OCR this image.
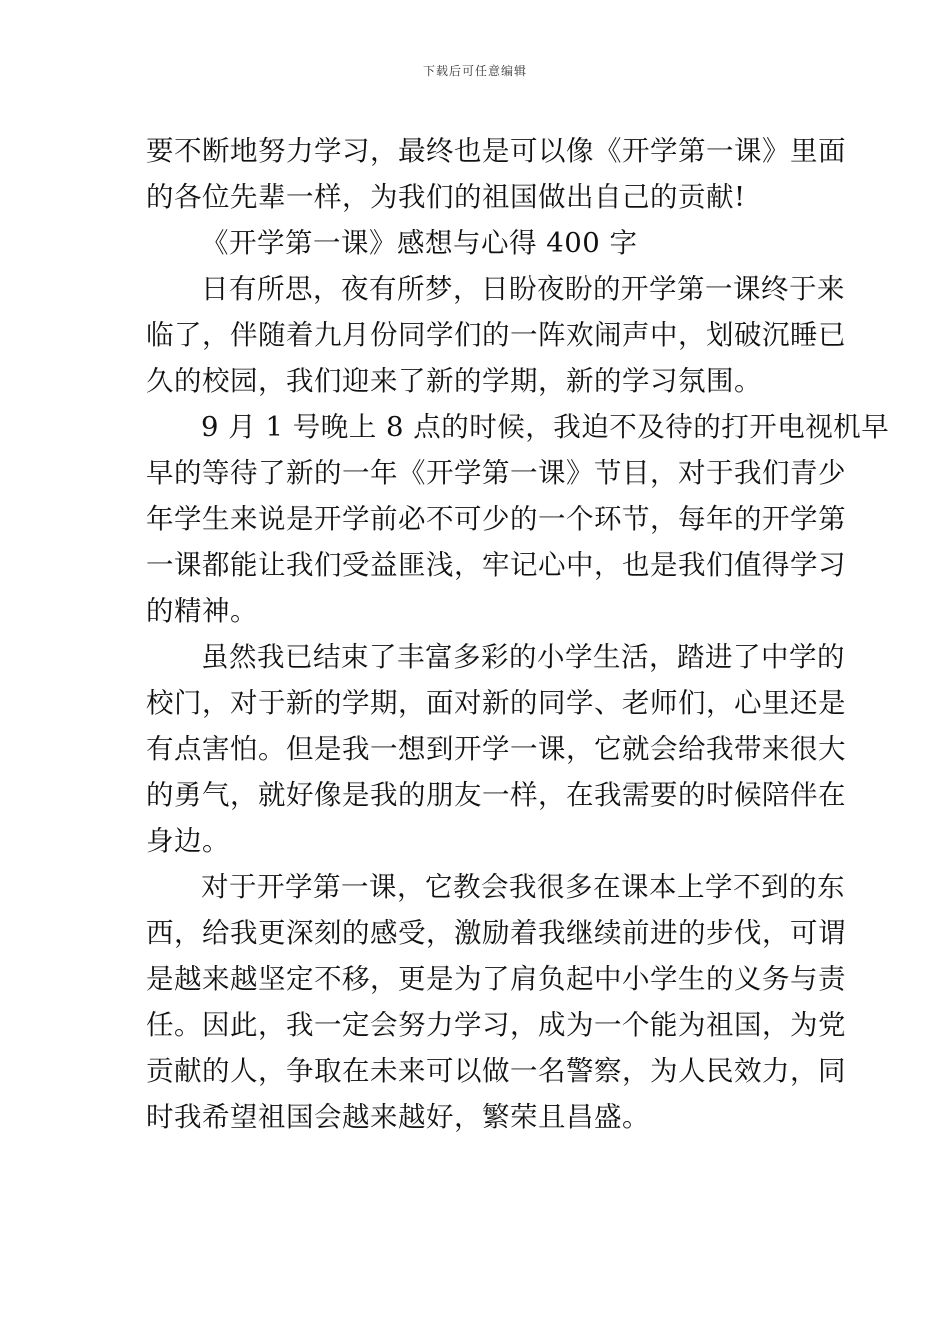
下载后可任意编辑
要不断地努力学习，最终也是可以像《开学第一课》里面
的各位先辈一样，为我们的祖国做出自己的贡献!
《开学第一课》感想与心得 400 字
日有所思，夜有所梦，日盼夜盼的开学第一课终于来
临了，伴随着九月份同学们的一阵欢闹声中，划破沉睡已
久的校园，我们迎来了新的学期，新的学习氛围。
9 月 1 号晚上 8 点的时候，我迫不及待的打开电视机早
早的等待了新的一年《开学第一课》节目，对于我们青少
年学生来说是开学前必不可少的一个环节，每年的开学第
一课都能让我们受益匪浅，牢记心中，也是我们值得学习
的精神。
虽然我已结束了丰富多彩的小学生活，踏进了中学的
校门，对于新的学期，面对新的同学、老师们，心里还是
有点害怕。但是我一想到开学一课，它就会给我带来很大
的勇气，就好像是我的朋友一样，在我需要的时候陪伴在
身边。
对于开学第一课，它教会我很多在课本上学不到的东
西，给我更深刻的感受，激励着我继续前进的步伐，可谓
是越来越坚定不移，更是为了肩负起中小学生的义务与责
任。因此，我一定会努力学习，成为一个能为祖国，为党
贡献的人，争取在未来可以做一名警察，为人民效力，同
时我希望祖国会越来越好，繁荣且昌盛。
